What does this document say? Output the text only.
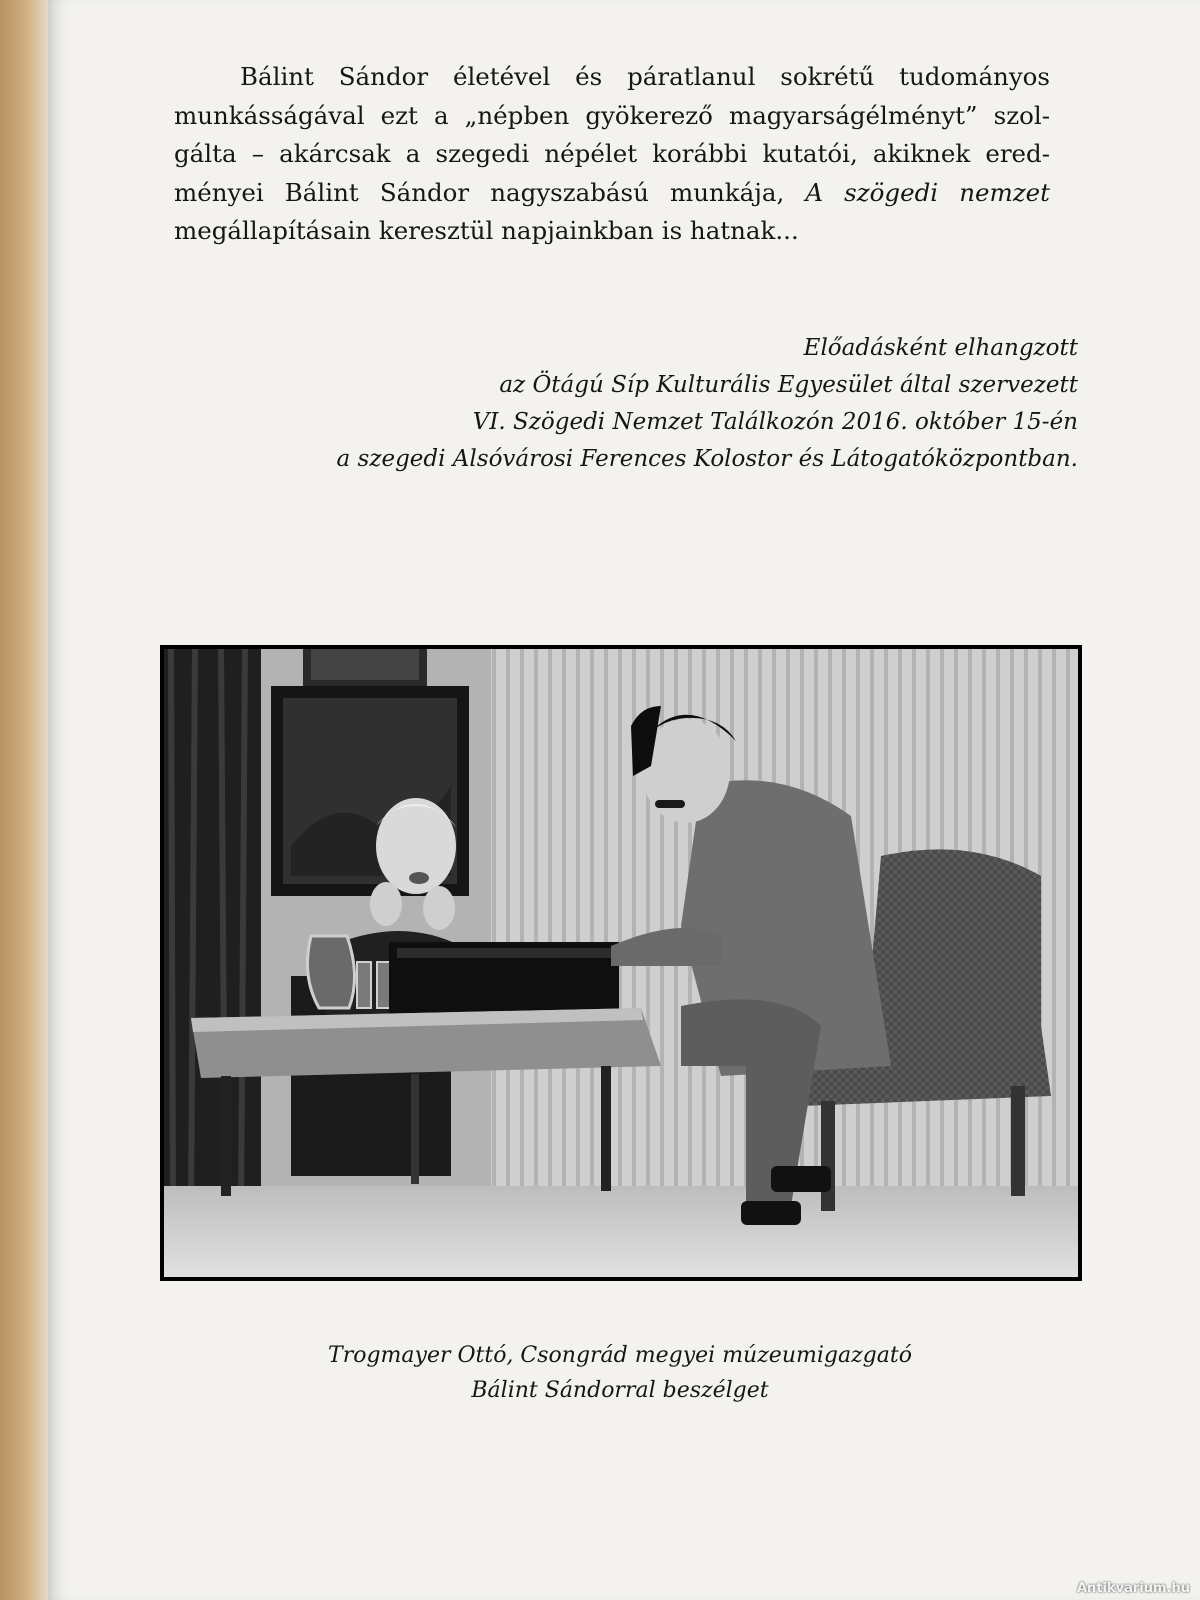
Bálint Sándor életével és páratlanul sokrétű tudományos munkásságával ezt a „népben gyökerező magyarságélményt” szol-gálta – akárcsak a szegedi népélet korábbi kutatói, akiknek ered-ményei Bálint Sándor nagyszabású munkája, A szögedi nemzet megállapításain keresztül napjainkban is hatnak...

Előadásként elhangzott
az Ötágú Síp Kulturális Egyesület által szervezett
VI. Szögedi Nemzet Találkozón 2016. október 15-én
a szegedi Alsóvárosi Ferences Kolostor és Látogatóközpontban.
Trogmayer Ottó, Csongrád megyei múzeumigazgató
Bálint Sándorral beszélget
Antikvarium.hu
